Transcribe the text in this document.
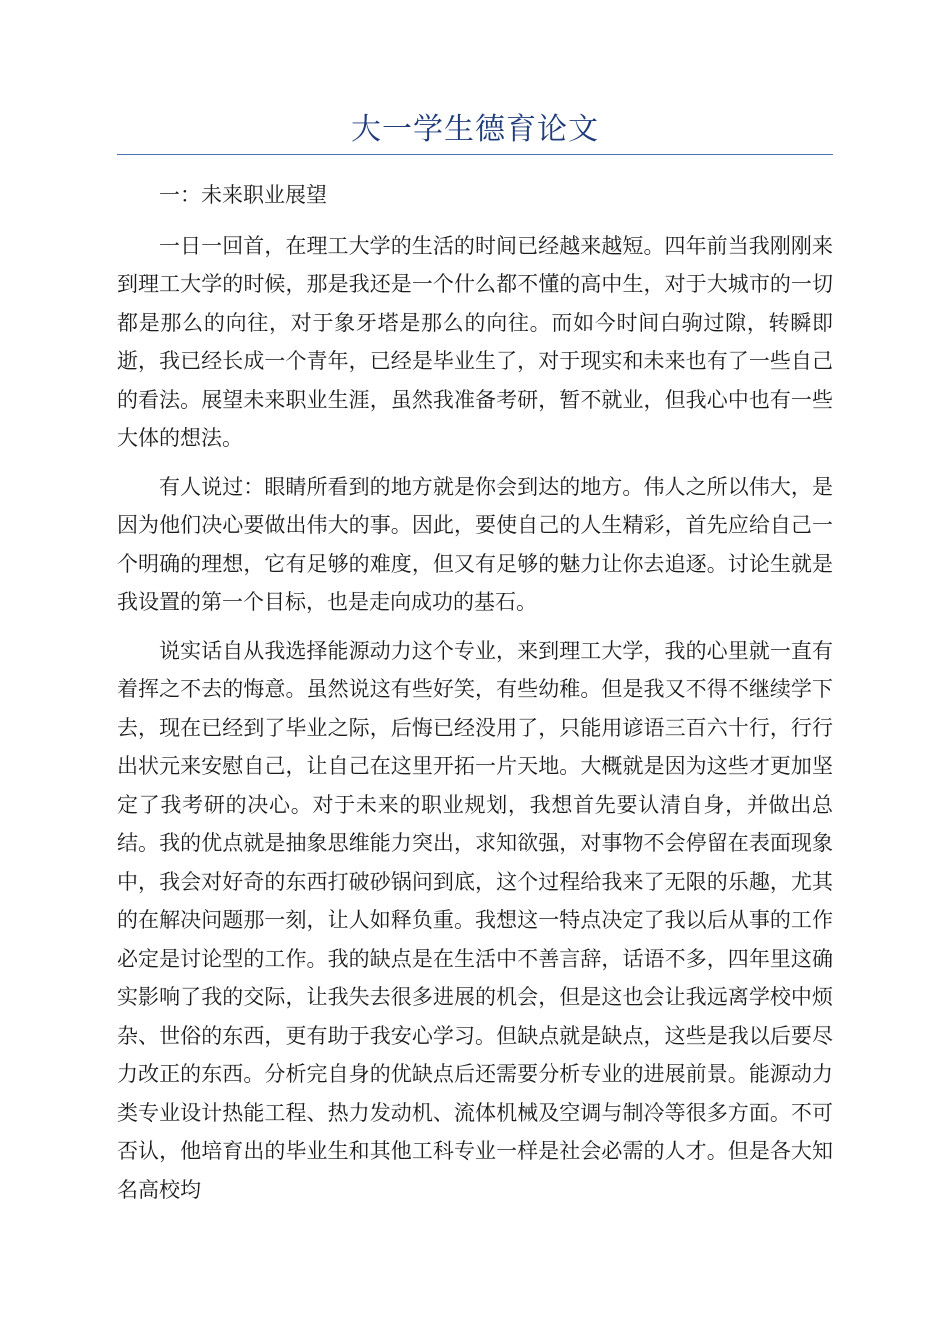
大一学生德育论文

一：未来职业展望

一日一回首，在理工大学的生活的时间已经越来越短。四年前当我刚刚来到理工大学的时候，那是我还是一个什么都不懂的高中生，对于大城市的一切都是那么的向往，对于象牙塔是那么的向往。而如今时间白驹过隙，转瞬即逝，我已经长成一个青年，已经是毕业生了，对于现实和未来也有了一些自己的看法。展望未来职业生涯，虽然我准备考研，暂不就业，但我心中也有一些大体的想法。

有人说过：眼睛所看到的地方就是你会到达的地方。伟人之所以伟大，是因为他们决心要做出伟大的事。因此，要使自己的人生精彩，首先应给自己一个明确的理想，它有足够的难度，但又有足够的魅力让你去追逐。讨论生就是我设置的第一个目标，也是走向成功的基石。

说实话自从我选择能源动力这个专业，来到理工大学，我的心里就一直有着挥之不去的悔意。虽然说这有些好笑，有些幼稚。但是我又不得不继续学下去，现在已经到了毕业之际，后悔已经没用了，只能用谚语三百六十行，行行出状元来安慰自己，让自己在这里开拓一片天地。大概就是因为这些才更加坚定了我考研的决心。对于未来的职业规划，我想首先要认清自身，并做出总结。我的优点就是抽象思维能力突出，求知欲强，对事物不会停留在表面现象中，我会对好奇的东西打破砂锅问到底，这个过程给我来了无限的乐趣，尤其的在解决问题那一刻，让人如释负重。我想这一特点决定了我以后从事的工作必定是讨论型的工作。我的缺点是在生活中不善言辞，话语不多，四年里这确实影响了我的交际，让我失去很多进展的机会，但是这也会让我远离学校中烦杂、世俗的东西，更有助于我安心学习。但缺点就是缺点，这些是我以后要尽力改正的东西。分析完自身的优缺点后还需要分析专业的进展前景。能源动力类专业设计热能工程、热力发动机、流体机械及空调与制冷等很多方面。不可否认，他培育出的毕业生和其他工科专业一样是社会必需的人才。但是各大知名高校均
